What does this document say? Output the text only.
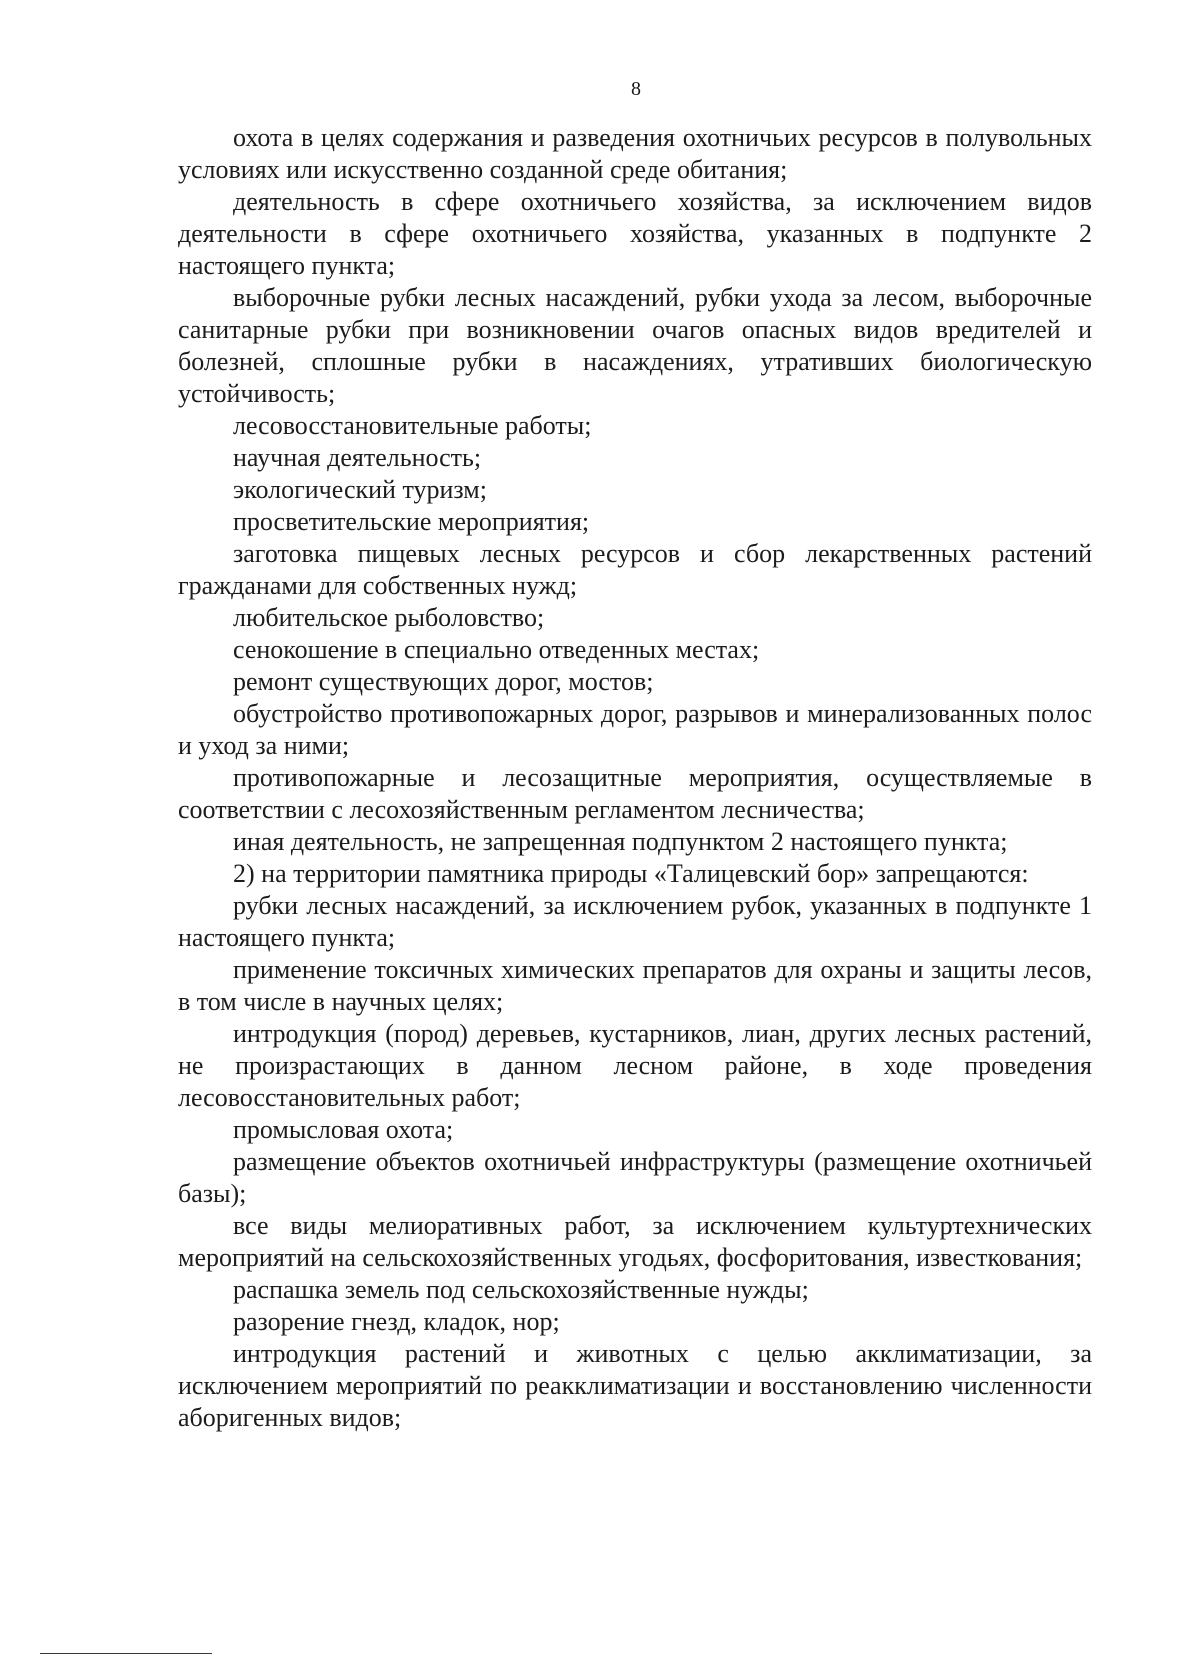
8

охота в целях содержания и разведения охотничьих ресурсов в полувольных условиях или искусственно созданной среде обитания;

деятельность в сфере охотничьего хозяйства, за исключением видов деятельности в сфере охотничьего хозяйства, указанных в подпункте 2 настоящего пункта;

выборочные рубки лесных насаждений, рубки ухода за лесом, выборочные санитарные рубки при возникновении очагов опасных видов вредителей и болезней, сплошные рубки в насаждениях, утративших биологическую устойчивость;

лесовосстановительные работы;

научная деятельность;

экологический туризм;

просветительские мероприятия;

заготовка пищевых лесных ресурсов и сбор лекарственных растений гражданами для собственных нужд;

любительское рыболовство;

сенокошение в специально отведенных местах;

ремонт существующих дорог, мостов;

обустройство противопожарных дорог, разрывов и минерализованных полос и уход за ними;

противопожарные и лесозащитные мероприятия, осуществляемые в соответствии с лесохозяйственным регламентом лесничества;

иная деятельность, не запрещенная подпунктом 2 настоящего пункта;

2) на территории памятника природы «Талицевский бор» запрещаются:

рубки лесных насаждений, за исключением рубок, указанных в подпункте 1 настоящего пункта;

применение токсичных химических препаратов для охраны и защиты лесов, в том числе в научных целях;

интродукция (пород) деревьев, кустарников, лиан, других лесных растений, не произрастающих в данном лесном районе, в ходе проведения лесовосстановительных работ;

промысловая охота;

размещение объектов охотничьей инфраструктуры (размещение охотничьей базы);

все виды мелиоративных работ, за исключением культуртехнических мероприятий на сельскохозяйственных угодьях, фосфоритования, известкования;

распашка земель под сельскохозяйственные нужды;

разорение гнезд, кладок, нор;

интродукция растений и животных с целью акклиматизации, за исключением мероприятий по реакклиматизации и восстановлению численности аборигенных видов;
